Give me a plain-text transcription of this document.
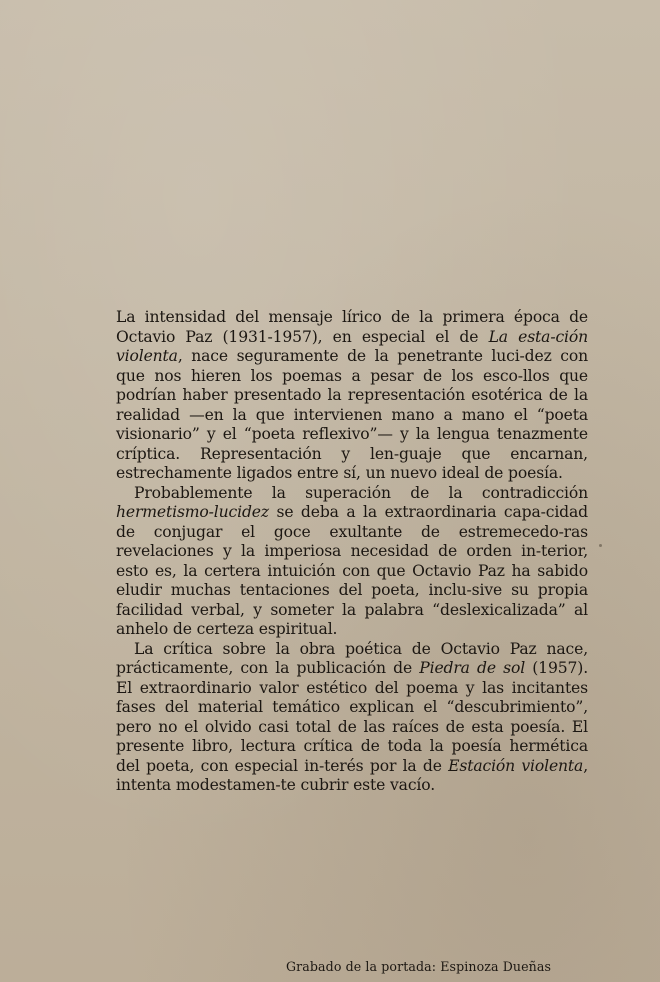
La intensidad del mensaje lírico de la primera época de Octavio Paz (1931-1957), en especial el de La esta-ción violenta, nace seguramente de la penetrante luci-dez con que nos hieren los poemas a pesar de los esco-llos que podrían haber presentado la representación esotérica de la realidad —en la que intervienen mano a mano el “poeta visionario” y el “poeta reflexivo”— y la lengua tenazmente críptica. Representación y len-guaje que encarnan, estrechamente ligados entre sí, un nuevo ideal de poesía.

Probablemente la superación de la contradicción hermetismo-lucidez se deba a la extraordinaria capa-cidad de conjugar el goce exultante de estremecedo-ras revelaciones y la imperiosa necesidad de orden in-terior, esto es, la certera intuición con que Octavio Paz ha sabido eludir muchas tentaciones del poeta, inclu-sive su propia facilidad verbal, y someter la palabra “deslexicalizada” al anhelo de certeza espiritual.

La crítica sobre la obra poética de Octavio Paz nace, prácticamente, con la publicación de Piedra de sol (1957). El extraordinario valor estético del poema y las incitantes fases del material temático explican el “descubrimiento”, pero no el olvido casi total de las raíces de esta poesía. El presente libro, lectura crítica de toda la poesía hermética del poeta, con especial in-terés por la de Estación violenta, intenta modestamen-te cubrir este vacío.

Grabado de la portada: Espinoza Dueñas
